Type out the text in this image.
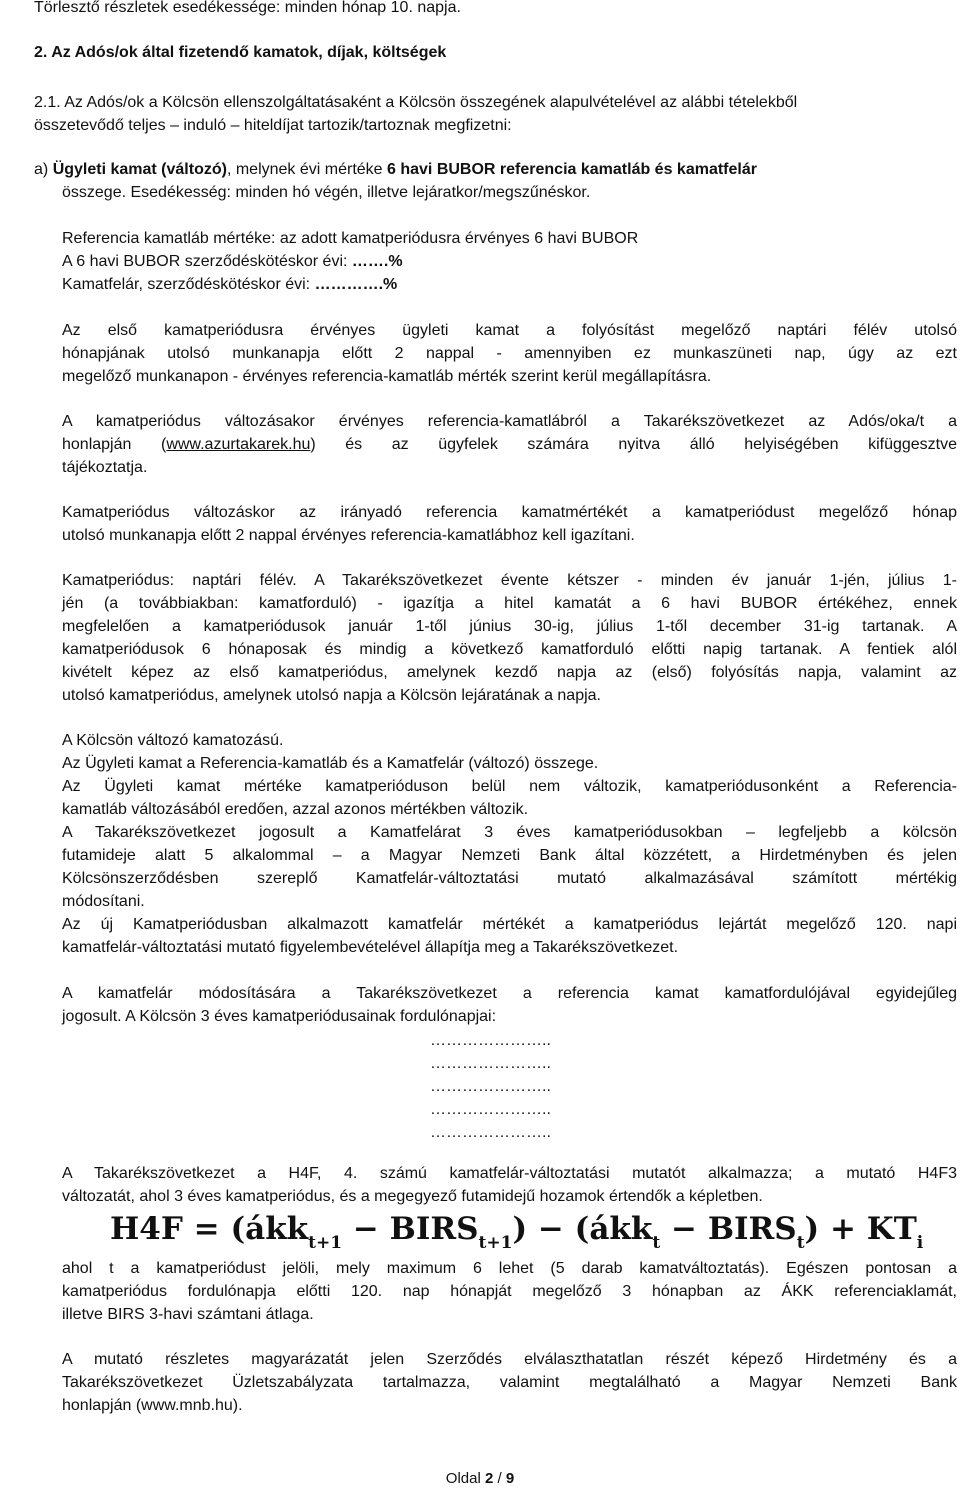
Törlesztő részletek esedékessége: minden hónap 10. napja.
2. Az Adós/ok által fizetendő kamatok, díjak, költségek
2.1. Az Adós/ok a Kölcsön ellenszolgáltatásaként a Kölcsön összegének alapulvételével az alábbi tételekből
összetevődő teljes – induló – hiteldíjat tartozik/tartoznak megfizetni:
a) Ügyleti kamat (változó), melynek évi mértéke 6 havi BUBOR referencia kamatláb és kamatfelár
összege. Esedékesség: minden hó végén, illetve lejáratkor/megszűnéskor.
Referencia kamatláb mértéke: az adott kamatperiódusra érvényes 6 havi BUBOR
A 6 havi BUBOR szerződéskötéskor évi: …….%
Kamatfelár, szerződéskötéskor évi: ………….%
Az első kamatperiódusra érvényes ügyleti kamat a folyósítást megelőző naptári félév utolsó
hónapjának utolsó munkanapja előtt 2 nappal - amennyiben ez munkaszüneti nap, úgy az ezt
megelőző munkanapon - érvényes referencia-kamatláb mérték szerint kerül megállapításra.
A kamatperiódus változásakor érvényes referencia-kamatlábról a Takarékszövetkezet az Adós/oka/t a
honlapján (www.azurtakarek.hu) és az ügyfelek számára nyitva álló helyiségében kifüggesztve
tájékoztatja.
Kamatperiódus változáskor az irányadó referencia kamatmértékét a kamatperiódust megelőző hónap
utolsó munkanapja előtt 2 nappal érvényes referencia-kamatlábhoz kell igazítani.
Kamatperiódus: naptári félév. A Takarékszövetkezet évente kétszer - minden év január 1-jén, július 1-
jén (a továbbiakban: kamatforduló) - igazítja a hitel kamatát a 6 havi BUBOR értékéhez, ennek
megfelelően a kamatperiódusok január 1-től június 30-ig, július 1-től december 31-ig tartanak. A
kamatperiódusok 6 hónaposak és mindig a következő kamatforduló előtti napig tartanak. A fentiek alól
kivételt képez az első kamatperiódus, amelynek kezdő napja az (első) folyósítás napja, valamint az
utolsó kamatperiódus, amelynek utolsó napja a Kölcsön lejáratának a napja.
A Kölcsön változó kamatozású.
Az Ügyleti kamat a Referencia-kamatláb és a Kamatfelár (változó) összege.
Az Ügyleti kamat mértéke kamatperióduson belül nem változik, kamatperiódusonként a Referencia-
kamatláb változásából eredően, azzal azonos mértékben változik.
A Takarékszövetkezet jogosult a Kamatfelárat 3 éves kamatperiódusokban – legfeljebb a kölcsön
futamideje alatt 5 alkalommal – a Magyar Nemzeti Bank által közzétett, a Hirdetményben és jelen
Kölcsönszerződésben szereplő Kamatfelár-változtatási mutató alkalmazásával számított mértékig
módosítani.
Az új Kamatperiódusban alkalmazott kamatfelár mértékét a kamatperiódus lejártát megelőző 120. napi
kamatfelár-változtatási mutató figyelembevételével állapítja meg a Takarékszövetkezet.
A kamatfelár módosítására a Takarékszövetkezet a referencia kamat kamatfordulójával egyidejűleg
jogosult. A Kölcsön 3 éves kamatperiódusainak fordulónapjai:
…………………..
…………………..
…………………..
…………………..
…………………..
A Takarékszövetkezet a H4F, 4. számú kamatfelár-változtatási mutatót alkalmazza; a mutató H4F3
változatát, ahol 3 éves kamatperiódus, és a megegyező futamidejű hozamok értendők a képletben.
H4F = (ákk$_{t+1}$ − $BIRS_{t+1}$) − (ákk$_t$ − $BIRS_t) + KT_i$
ahol t a kamatperiódust jelöli, mely maximum 6 lehet (5 darab kamatváltoztatás). Egészen pontosan a
kamatperiódus fordulónapja előtti 120. nap hónapját megelőző 3 hónapban az ÁKK referenciaklamát,
illetve BIRS 3-havi számtani átlaga.
A mutató részletes magyarázatát jelen Szerződés elválaszthatatlan részét képező Hirdetmény és a
Takarékszövetkezet Üzletszabályzata tartalmazza, valamint megtalálható a Magyar Nemzeti Bank
honlapján (www.mnb.hu).
Oldal 2 / 9
